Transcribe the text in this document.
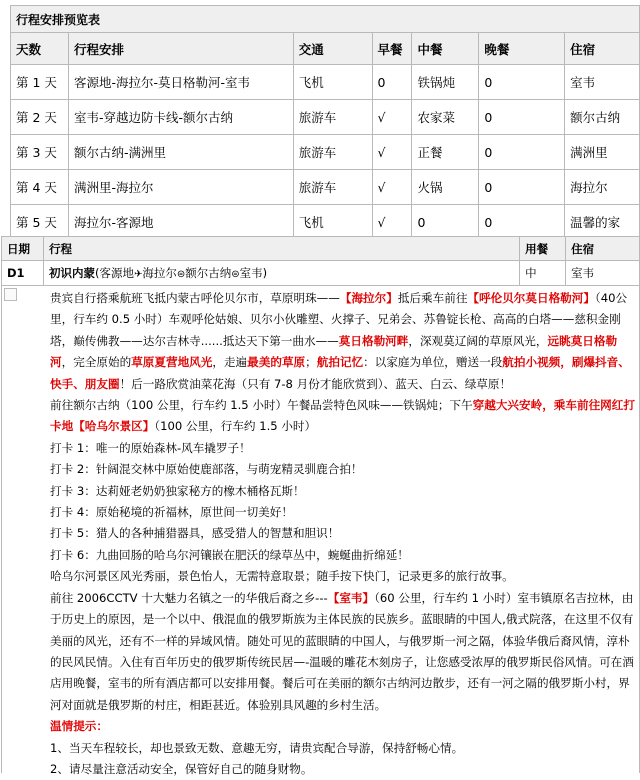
行程安排预览表						
天数	行程安排	交通	早餐	中餐	晚餐	住宿
第 1 天	客源地-海拉尔-莫日格勒河-室韦	飞机	0	铁锅炖	0	室韦
第 2 天	室韦-穿越边防卡线-额尔古纳	旅游车	√	农家菜	0	额尔古纳
第 3 天	额尔古纳-满洲里	旅游车	√	正餐	0	满洲里
第 4 天	满洲里-海拉尔	旅游车	√	火锅	0	海拉尔
第 5 天	海拉尔-客源地	飞机	√	0	0	温馨的家
日期	行程	用餐	住宿
D1	初识内蒙(客源地✈海拉尔⊜额尔古纳⊜室韦)	中	室韦

贵宾自行搭乘航班飞抵内蒙古呼伦贝尔市，草原明珠——【海拉尔】抵后乘车前往【呼伦贝尔莫日格勒河】（40公里，行车约 0.5 小时）车观呼伦姑娘、贝尔小伙雕塑、火撑子、兄弟会、苏鲁锭长枪、高高的白塔——慈积金刚塔，巅传佛教——达尔吉林寺......抵达天下第一曲水——莫日格勒河畔，深观莫辽阔的草原风光，远眺莫日格勒河，完全原始的草原夏营地风光，走遍最美的草原；航拍记忆：以家庭为单位，赠送一段航拍小视频，刷爆抖音、快手、朋友圈！后一路欣赏油菜花海（只有 7-8 月份才能欣赏到）、蓝天、白云、绿草原！

前往额尔古纳（100 公里，行车约 1.5 小时）午餐品尝特色风味——铁锅炖；下午穿越大兴安岭，乘车前往网红打卡地【哈乌尔景区】（100 公里，行车约 1.5 小时）

打卡 1：唯一的原始森林-风车撬罗子！

打卡 2：针阔混交林中原始使鹿部落，与萌宠精灵驯鹿合拍！

打卡 3：达莉娅老奶奶独家秘方的橡木桶格瓦斯！

打卡 4：原始秘境的祈福林，原世间一切美好！

打卡 5：猎人的各种捕猎器具，感受猎人的智慧和胆识！

打卡 6：九曲回肠的哈乌尔河镶嵌在肥沃的绿草丛中，蜿蜒曲折绵延！

哈乌尔河景区风光秀丽，景色怡人，无需特意取景；随手按下快门，记录更多的旅行故事。

前往 2006CCTV 十大魅力名镇之一的华俄后裔之乡---【室韦】（60 公里，行车约 1 小时）室韦镇原名吉拉林，由于历史上的原因，是一个以中、俄混血的俄罗斯族为主体民族的民族乡。蓝眼睛的中国人,俄式院落，在这里不仅有美丽的风光，还有不一样的异域风情。随处可见的蓝眼睛的中国人，与俄罗斯一河之隔，体验华俄后裔风情，淳朴的民风民情。入住有百年历史的俄罗斯传统民居—-温暖的雕花木刻房子，让您感受浓厚的俄罗斯民俗风情。可在酒店用晚餐，室韦的所有酒店都可以安排用餐。餐后可在美丽的额尔古纳河边散步，还有一河之隔的俄罗斯小村，界河对面就是俄罗斯的村庄，相距甚近。体验别具风趣的乡村生活。

温情提示：

1、当天车程较长，却也景致无数、意趣无穷，请贵宾配合导游，保持舒畅心情。

2、请尽量注意活动安全，保管好自己的随身财物。
